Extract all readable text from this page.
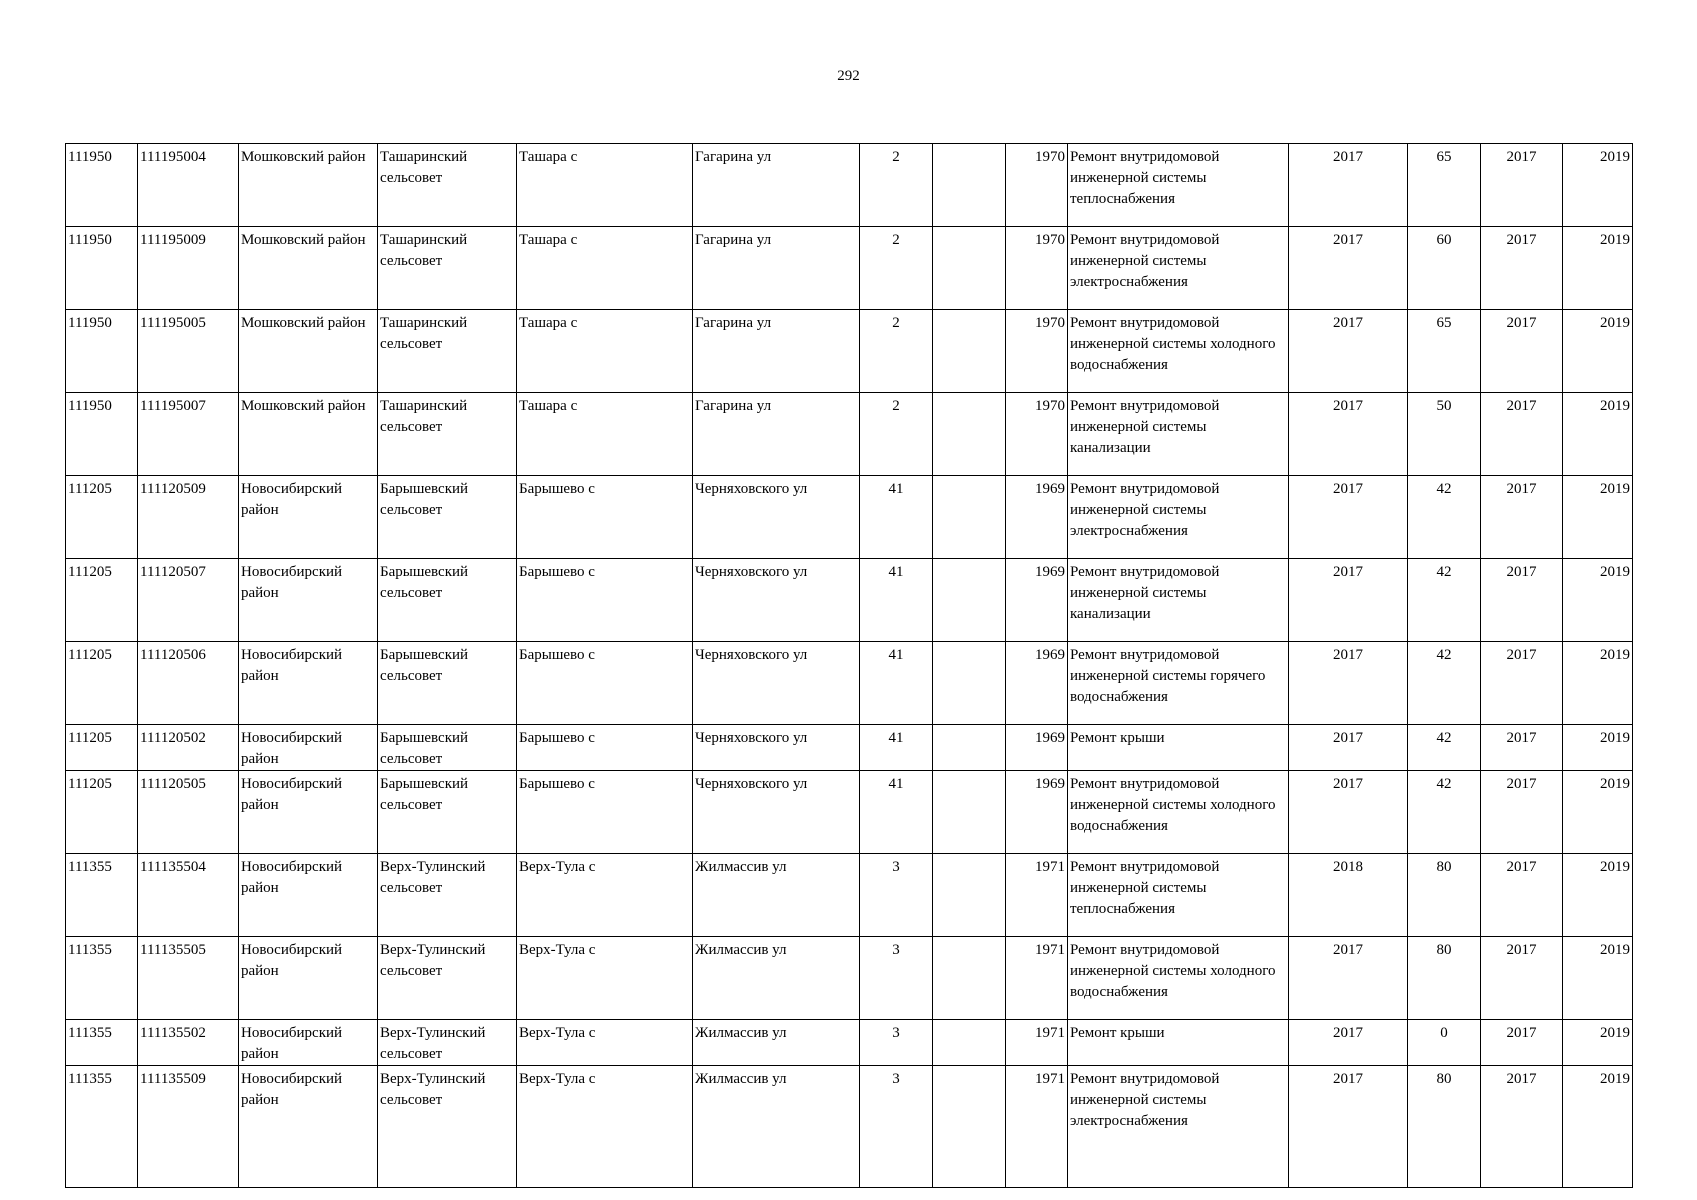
292
111950	111195004	Мошковский район	Ташаринский сельсовет	Ташара с	Гагарина ул	2		1970	Ремонт внутридомовой инженерной системы теплоснабжения	2017	65	2017	2019
111950	111195009	Мошковский район	Ташаринский сельсовет	Ташара с	Гагарина ул	2		1970	Ремонт внутридомовой инженерной системы электроснабжения	2017	60	2017	2019
111950	111195005	Мошковский район	Ташаринский сельсовет	Ташара с	Гагарина ул	2		1970	Ремонт внутридомовой инженерной системы холодного водоснабжения	2017	65	2017	2019
111950	111195007	Мошковский район	Ташаринский сельсовет	Ташара с	Гагарина ул	2		1970	Ремонт внутридомовой инженерной системы канализации	2017	50	2017	2019
111205	111120509	Новосибирский район	Барышевский сельсовет	Барышево с	Черняховского ул	41		1969	Ремонт внутридомовой инженерной системы электроснабжения	2017	42	2017	2019
111205	111120507	Новосибирский район	Барышевский сельсовет	Барышево с	Черняховского ул	41		1969	Ремонт внутридомовой инженерной системы канализации	2017	42	2017	2019
111205	111120506	Новосибирский район	Барышевский сельсовет	Барышево с	Черняховского ул	41		1969	Ремонт внутридомовой инженерной системы горячего водоснабжения	2017	42	2017	2019
111205	111120502	Новосибирский район	Барышевский сельсовет	Барышево с	Черняховского ул	41		1969	Ремонт крыши	2017	42	2017	2019
111205	111120505	Новосибирский район	Барышевский сельсовет	Барышево с	Черняховского ул	41		1969	Ремонт внутридомовой инженерной системы холодного водоснабжения	2017	42	2017	2019
111355	111135504	Новосибирский район	Верх-Тулинский сельсовет	Верх-Тула с	Жилмассив ул	3		1971	Ремонт внутридомовой инженерной системы теплоснабжения	2018	80	2017	2019
111355	111135505	Новосибирский район	Верх-Тулинский сельсовет	Верх-Тула с	Жилмассив ул	3		1971	Ремонт внутридомовой инженерной системы холодного водоснабжения	2017	80	2017	2019
111355	111135502	Новосибирский район	Верх-Тулинский сельсовет	Верх-Тула с	Жилмассив ул	3		1971	Ремонт крыши	2017	0	2017	2019
111355	111135509	Новосибирский район	Верх-Тулинский сельсовет	Верх-Тула с	Жилмассив ул	3		1971	Ремонт внутридомовой инженерной системы электроснабжения	2017	80	2017	2019
